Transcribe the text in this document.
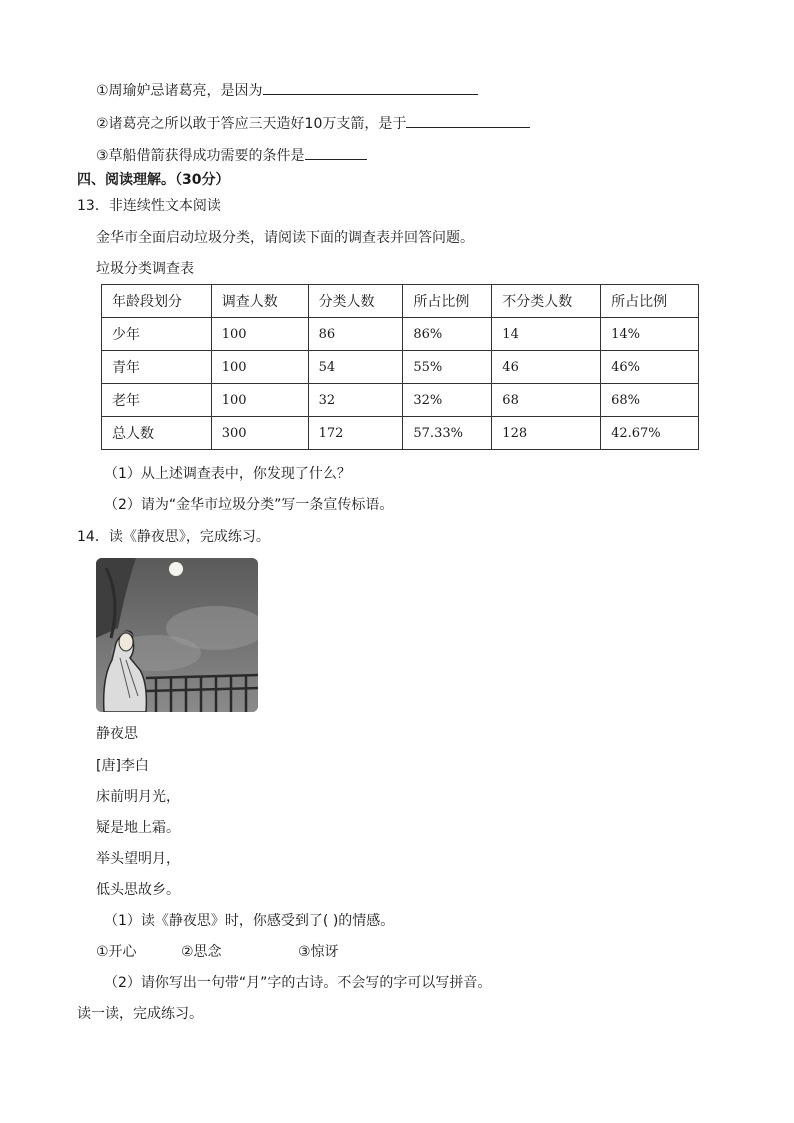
①周瑜妒忌诸葛亮，是因为
②诸葛亮之所以敢于答应三天造好10万支箭，是于
③草船借箭获得成功需要的条件是
四、阅读理解。（30分）
13．非连续性文本阅读
金华市全面启动垃圾分类，请阅读下面的调查表并回答问题。
垃圾分类调查表
年龄段划分	调查人数	分类人数	所占比例	不分类人数	所占比例
少年	100	86	86%	14	14%
青年	100	54	55%	46	46%
老年	100	32	32%	68	68%
总人数	300	172	57.33%	128	42.67%
（1）从上述调查表中，你发现了什么？
（2）请为“金华市垃圾分类”写一条宣传标语。
14．读《静夜思》，完成练习。
静夜思
[唐]李白
床前明月光，
疑是地上霜。
举头望明月，
低头思故乡。
（1）读《静夜思》时，你感受到了( )的情感。
①开心	②思念	③惊讶
（2）请你写出一句带“月”字的古诗。不会写的字可以写拼音。
读一读，完成练习。
